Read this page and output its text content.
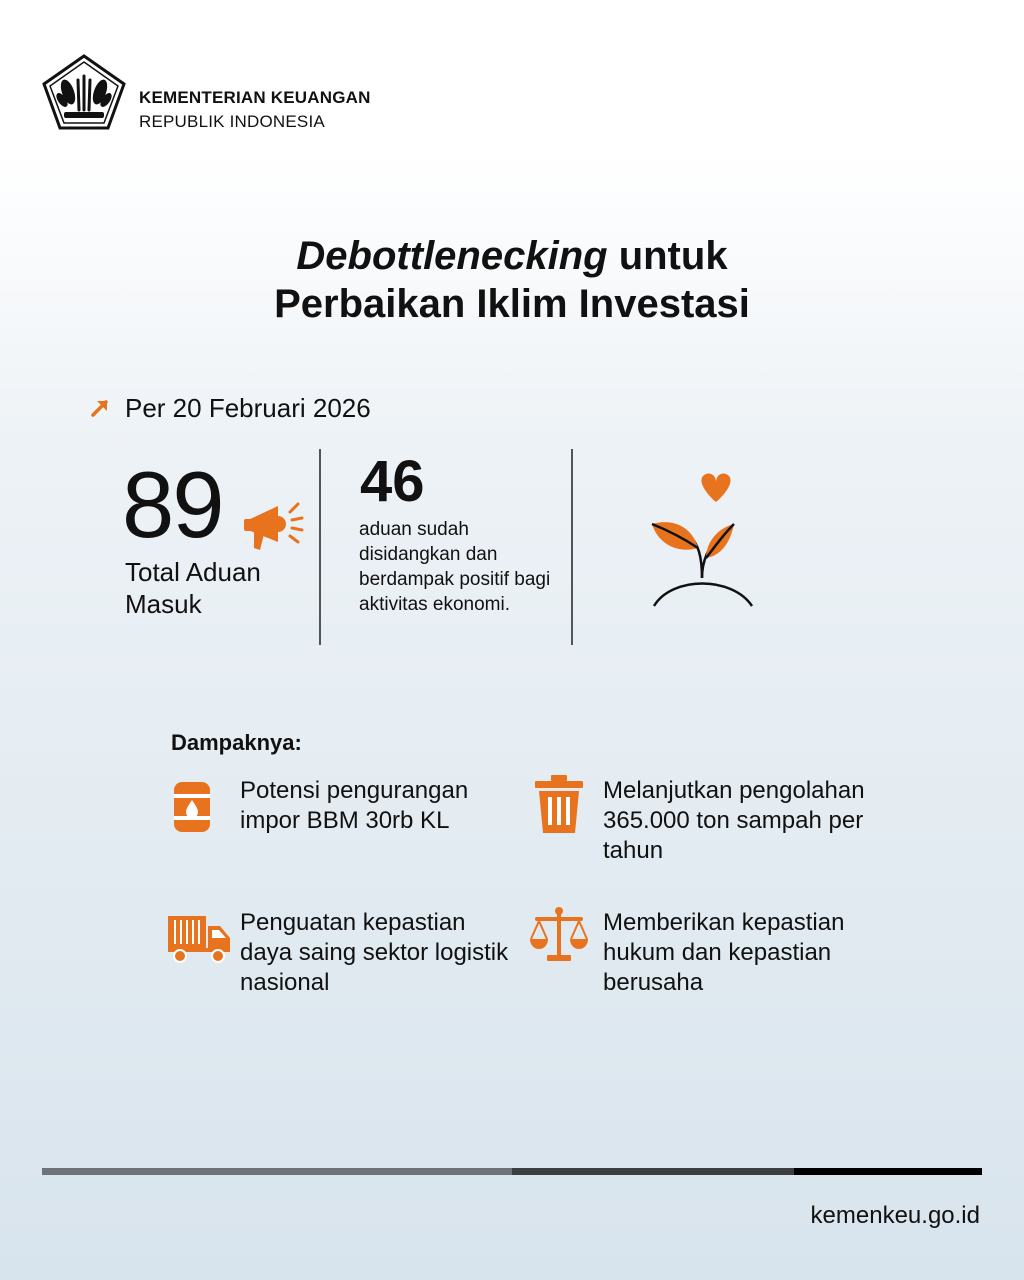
KEMENTERIAN KEUANGAN
REPUBLIK INDONESIA
Debottlenecking untuk
Perbaikan Iklim Investasi
Per 20 Februari 2026
89
Total Aduan Masuk
46
aduan sudah disidangkan dan berdampak positif bagi aktivitas ekonomi.
Dampaknya:
Potensi pengurangan impor BBM 30rb KL
Melanjutkan pengolahan 365.000 ton sampah per tahun
Penguatan kepastian daya saing sektor logistik nasional
Memberikan kepastian hukum dan kepastian berusaha
kemenkeu.go.id
